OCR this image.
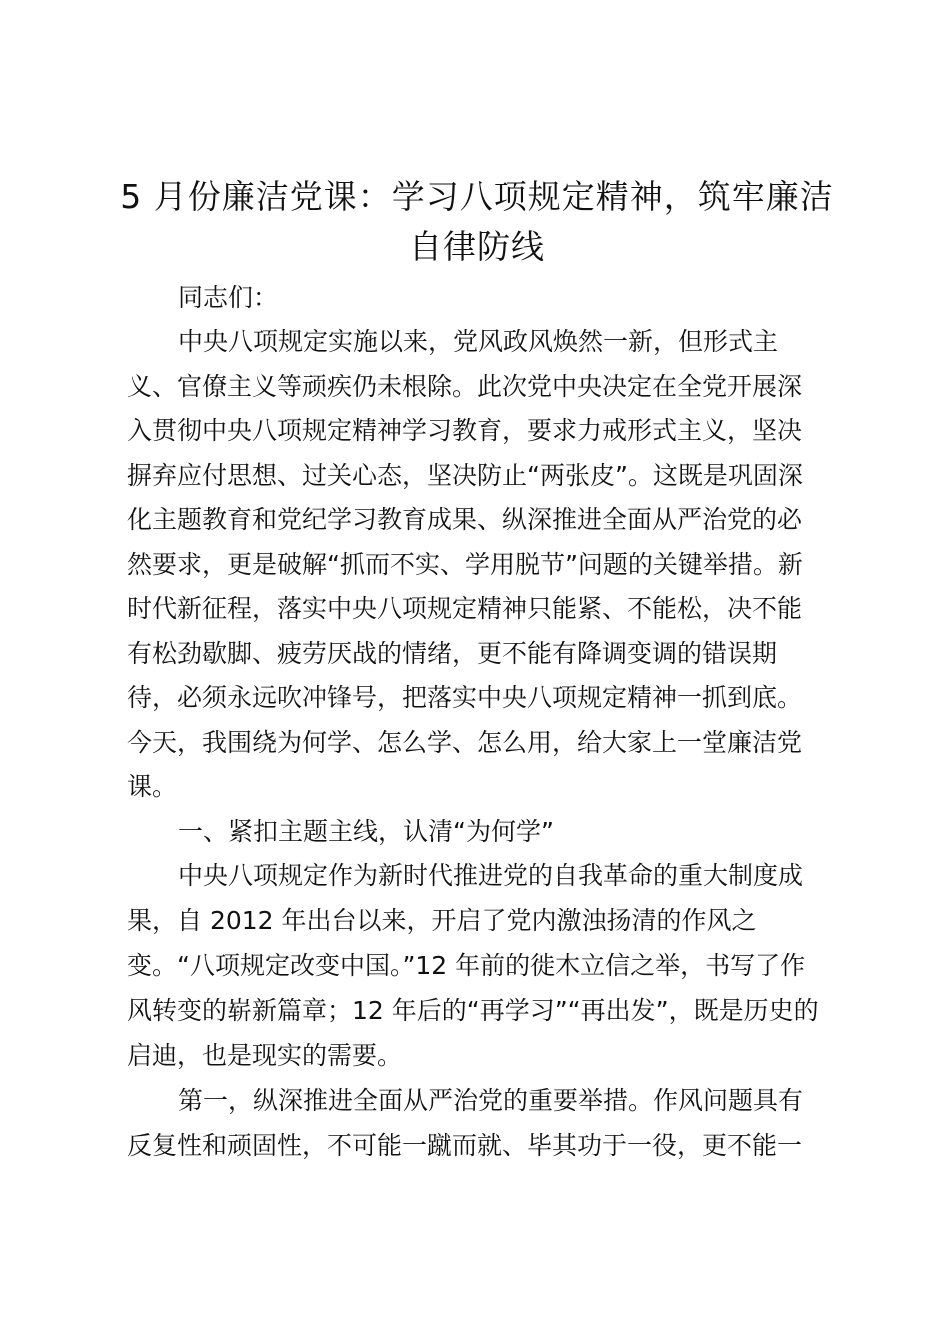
5 月份廉洁党课：学习八项规定精神，筑牢廉洁自律防线

同志们：

中央八项规定实施以来，党风政风焕然一新，但形式主

义、官僚主义等顽疾仍未根除。此次党中央决定在全党开展深

入贯彻中央八项规定精神学习教育，要求力戒形式主义，坚决

摒弃应付思想、过关心态，坚决防止“两张皮”。这既是巩固深

化主题教育和党纪学习教育成果、纵深推进全面从严治党的必

然要求，更是破解“抓而不实、学用脱节”问题的关键举措。新

时代新征程，落实中央八项规定精神只能紧、不能松，决不能

有松劲歇脚、疲劳厌战的情绪，更不能有降调变调的错误期

待，必须永远吹冲锋号，把落实中央八项规定精神一抓到底。

今天，我围绕为何学、怎么学、怎么用，给大家上一堂廉洁党

课。

一、紧扣主题主线，认清“为何学”

中央八项规定作为新时代推进党的自我革命的重大制度成

果，自 2012 年出台以来，开启了党内激浊扬清的作风之

变。“八项规定改变中国。”12 年前的徙木立信之举，书写了作

风转变的崭新篇章；12 年后的“再学习”“再出发”，既是历史的

启迪，也是现实的需要。

第一，纵深推进全面从严治党的重要举措。作风问题具有

反复性和顽固性，不可能一蹴而就、毕其功于一役，更不能一
